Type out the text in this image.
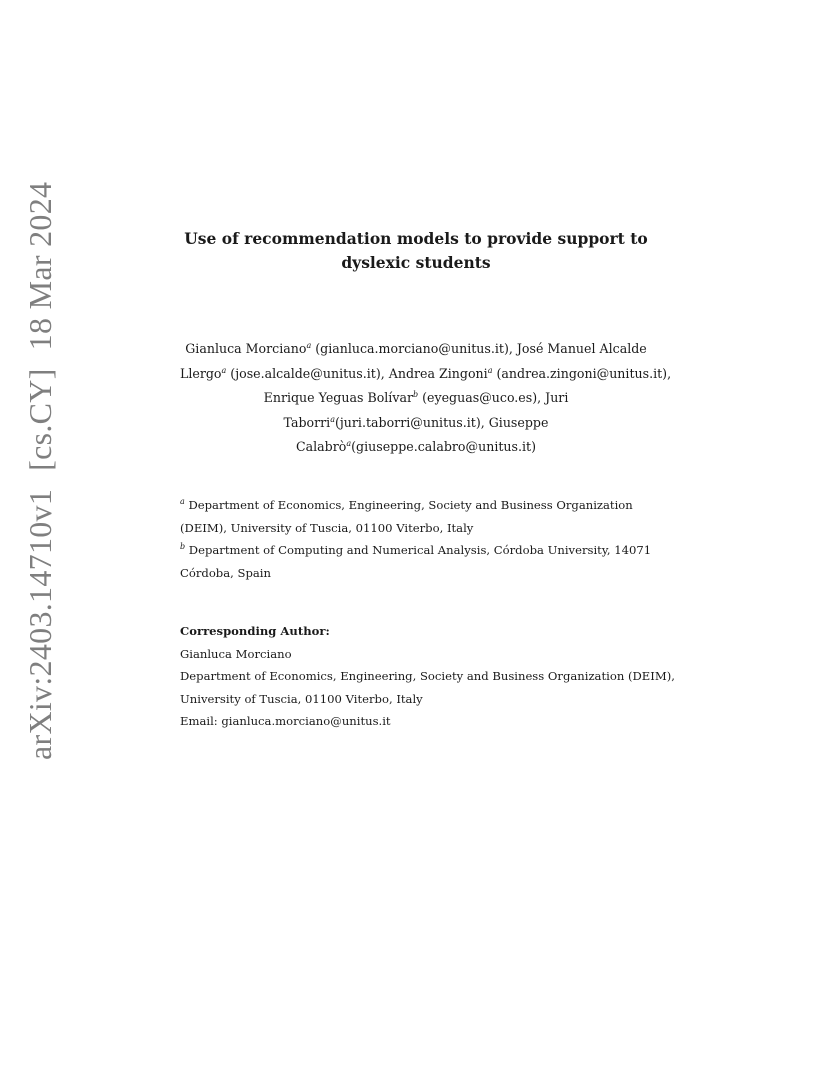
arXiv:2403.14710v1[cs.CY]18 Mar 2024	Use of recommendation models to provide support to
dyslexic students
Gianluca Morciano$^a$ (gianluca.morciano@unitus.it), José Manuel Alcalde
Llergo$^a$ (jose.alcalde@unitus.it), Andrea Zingoni$^a$ (andrea.zingoni@unitus.it),
Enrique Yeguas Bolívar$^b$ (eyeguas@uco.es), Juri
Taborri$^a$(juri.taborri@unitus.it), Giuseppe
Calabrò$^a$(giuseppe.calabro@unitus.it)
$^a$ Department of Economics, Engineering, Society and Business Organization
(DEIM), University of Tuscia, 01100 Viterbo, Italy
$^b$ Department of Computing and Numerical Analysis, Córdoba University, 14071
Córdoba, Spain
Corresponding Author:
Gianluca Morciano
Department of Economics, Engineering, Society and Business Organization (DEIM),
University of Tuscia, 01100 Viterbo, Italy
Email: gianluca.morciano@unitus.it
